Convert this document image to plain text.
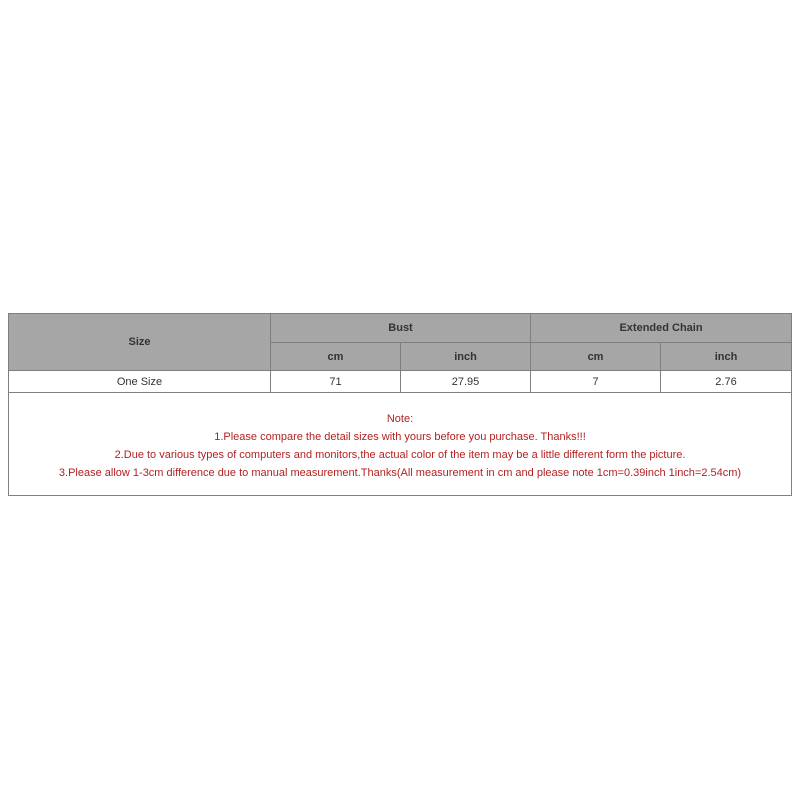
Size	Bust		Extended Chain	
	cm	inch	cm	inch
One Size	71	27.95	7	2.76

Note:
1.Please compare the detail sizes with yours before you purchase. Thanks!!!
2.Due to various types of computers and monitors,the actual color of the item may be a little different form the picture.
3.Please allow 1-3cm difference due to manual measurement.Thanks(All measurement in cm and please note 1cm=0.39inch 1inch=2.54cm)				
